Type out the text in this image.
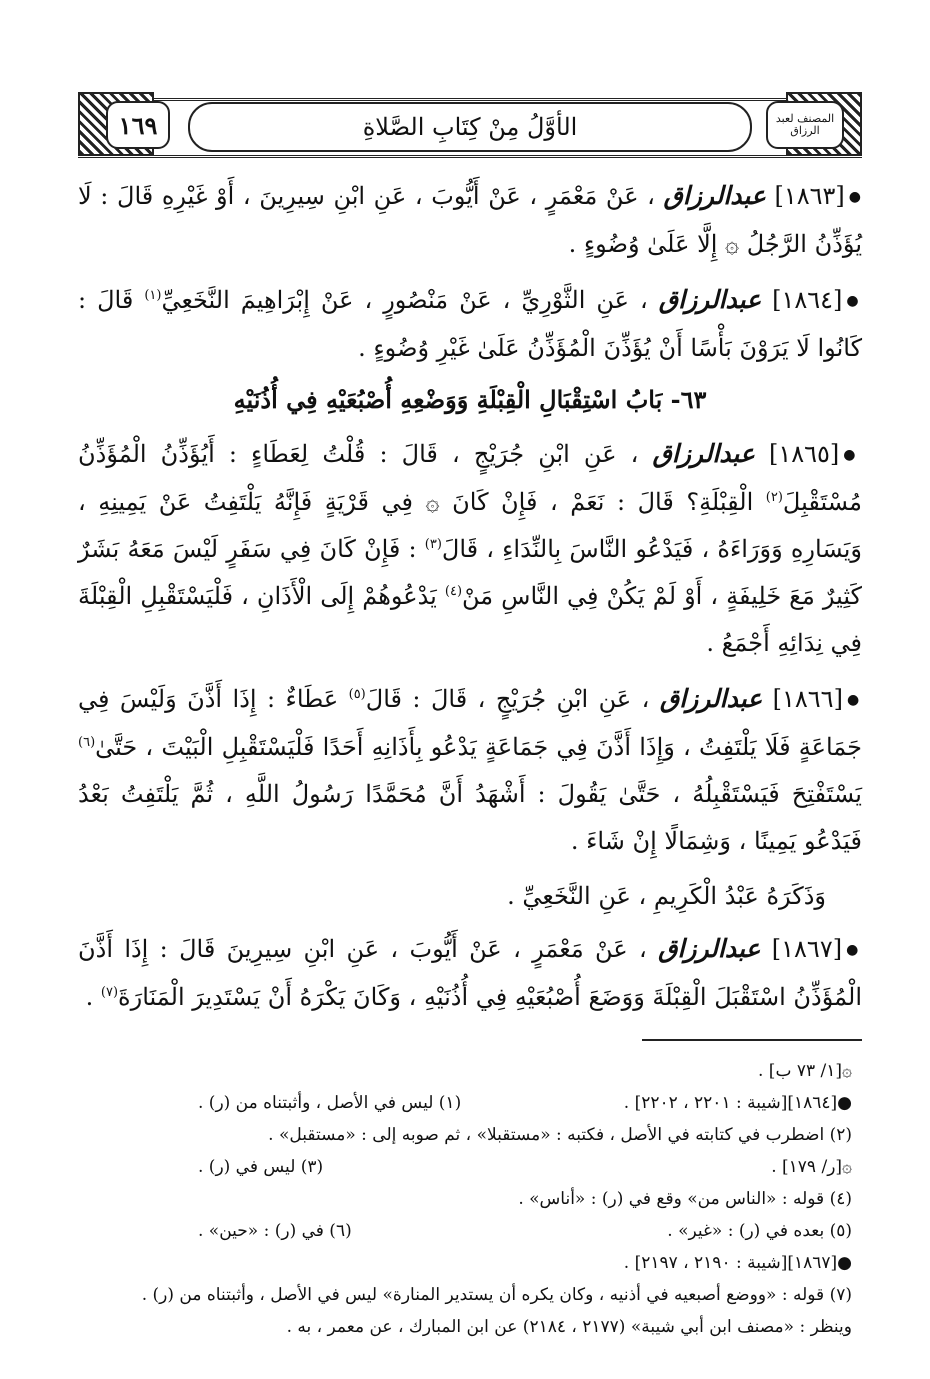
الأوَّلُ مِنْ كِتَابِ الصَّلاةِ
١٦٩	المصنف لعبد الرزاق

●[١٨٦٣] عبدالرزاق ، عَنْ مَعْمَرٍ ، عَنْ أَيُّوبَ ، عَنِ ابْنِ سِيرِينَ ، أَوْ غَيْرِهِ قَالَ : لَا يُؤَذِّنُ الرَّجُلُ ۞ إِلَّا عَلَىٰ وُضُوءٍ .

●[١٨٦٤] عبدالرزاق ، عَنِ الثَّوْرِيِّ ، عَنْ مَنْصُورٍ ، عَنْ إِبْرَاهِيمَ النَّخَعِيِّ$^{(١)}$ قَالَ : كَانُوا لَا يَرَوْنَ بَأْسًا أَنْ يُؤَذِّنَ الْمُؤَذِّنُ عَلَىٰ غَيْرِ وُضُوءٍ .

٦٣- بَابُ اسْتِقْبَالِ الْقِبْلَةِ وَوَضْعِهِ أُصْبُعَيْهِ فِي أُذُنَيْهِ

●[١٨٦٥] عبدالرزاق ، عَنِ ابْنِ جُرَيْجٍ ، قَالَ : قُلْتُ لِعَطَاءٍ : أَيُؤَذِّنُ الْمُؤَذِّنُ مُسْتَقْبِلَ$^{(٢)}$ الْقِبْلَةِ؟ قَالَ : نَعَمْ ، فَإِنْ كَانَ ۞ فِي قَرْيَةٍ فَإِنَّهُ يَلْتَفِتُ عَنْ يَمِينِهِ ، وَيَسَارِهِ وَوَرَاءَهُ ، فَيَدْعُو النَّاسَ بِالنِّدَاءِ ، قَالَ$^{(٣)}$ : فَإِنْ كَانَ فِي سَفَرٍ لَيْسَ مَعَهُ بَشَرٌ كَثِيرٌ مَعَ خَلِيفَةٍ ، أَوْ لَمْ يَكُنْ فِي النَّاسِ مَنْ$^{(٤)}$ يَدْعُوهُمْ إِلَى الْأَذَانِ ، فَلْيَسْتَقْبِلِ الْقِبْلَةَ فِي نِدَائِهِ أَجْمَعُ .

●[١٨٦٦] عبدالرزاق ، عَنِ ابْنِ جُرَيْجٍ ، قَالَ : قَالَ$^{(٥)}$ عَطَاءٌ : إِذَا أَذَّنَ وَلَيْسَ فِي جَمَاعَةٍ فَلَا يَلْتَفِتُ ، وَإِذَا أَذَّنَ فِي جَمَاعَةٍ يَدْعُو بِأَذَانِهِ أَحَدًا فَلْيَسْتَقْبِلِ الْبَيْتَ ، حَتَّىٰ$^{(٦)}$ يَسْتَفْتِحَ فَيَسْتَقْبِلُهُ ، حَتَّىٰ يَقُولَ : أَشْهَدُ أَنَّ مُحَمَّدًا رَسُولُ اللَّهِ ، ثُمَّ يَلْتَفِتُ بَعْدُ فَيَدْعُو يَمِينًا ، وَشِمَالًا إِنْ شَاءَ .

وَذَكَرَهُ عَبْدُ الْكَرِيمِ ، عَنِ النَّخَعِيِّ .

●[١٨٦٧] عبدالرزاق ، عَنْ مَعْمَرٍ ، عَنْ أَيُّوبَ ، عَنِ ابْنِ سِيرِينَ قَالَ : إِذَا أَذَّنَ الْمُؤَذِّنُ اسْتَقْبَلَ الْقِبْلَةَ وَوَضَعَ أُصْبُعَيْهِ فِي أُذُنَيْهِ ، وَكَانَ يَكْرَهُ أَنْ يَسْتَدِيرَ الْمَنَارَةَ$^{(٧)}$ .

۞[١/ ٧٣ ب] .

●[١٨٦٤][شيبة : ٢٢٠١ ، ٢٢٠٢] .

(١) ليس في الأصل ، وأثبتناه من (ر) .

(٢) اضطرب في كتابته في الأصل ، فكتبه : «مستقبلا» ، ثم صوبه إلى : «مستقبل» .

۞[ر/ ١٧٩] .

(٣) ليس في (ر) .

(٤) قوله : «الناس من» وقع في (ر) : «أناس» .

(٥) بعده في (ر) : «غير» .

(٦) في (ر) : «حين» .

●[١٨٦٧][شيبة : ٢١٩٠ ، ٢١٩٧] .

(٧) قوله : «ووضع أصبعيه في أذنيه ، وكان يكره أن يستدير المنارة» ليس في الأصل ، وأثبتناه من (ر) .

وينظر : «مصنف ابن أبي شيبة» (٢١٧٧ ، ٢١٨٤) عن ابن المبارك ، عن معمر ، به .
